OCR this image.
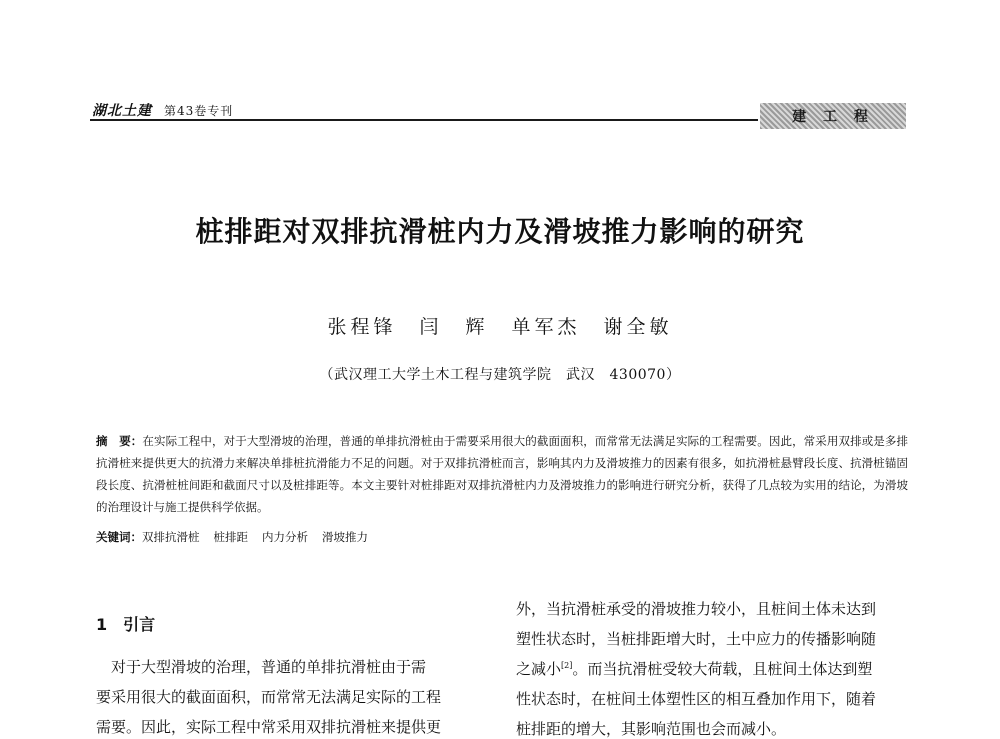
湖北土建 第43卷专刊	建 工 程
桩排距对双排抗滑桩内力及滑坡推力影响的研究
张程锋　闫　辉　单军杰　谢全敏
（武汉理工大学土木工程与建筑学院　武汉　430070）
摘　要：在实际工程中，对于大型滑坡的治理，普通的单排抗滑桩由于需要采用很大的截面面积，而常常无法满足实际的工程需要。因此，常采用双排或是多排抗滑桩来提供更大的抗滑力来解决单排桩抗滑能力不足的问题。对于双排抗滑桩而言，影响其内力及滑坡推力的因素有很多，如抗滑桩悬臂段长度、抗滑桩锚固段长度、抗滑桩桩间距和截面尺寸以及桩排距等。本文主要针对桩排距对双排抗滑桩内力及滑坡推力的影响进行研究分析，获得了几点较为实用的结论，为滑坡的治理设计与施工提供科学依据。
关键词：双排抗滑桩 桩排距 内力分析 滑坡推力
1 引言
　对于大型滑坡的治理，普通的单排抗滑桩由于需
要采用很大的截面面积，而常常无法满足实际的工程
需要。因此，实际工程中常采用双排抗滑桩来提供更
外，当抗滑桩承受的滑坡推力较小，且桩间土体未达到
塑性状态时，当桩排距增大时，土中应力的传播影响随
之减小[2]。而当抗滑桩受较大荷载，且桩间土体达到塑
性状态时，在桩间土体塑性区的相互叠加作用下，随着
桩排距的增大，其影响范围也会而减小。
